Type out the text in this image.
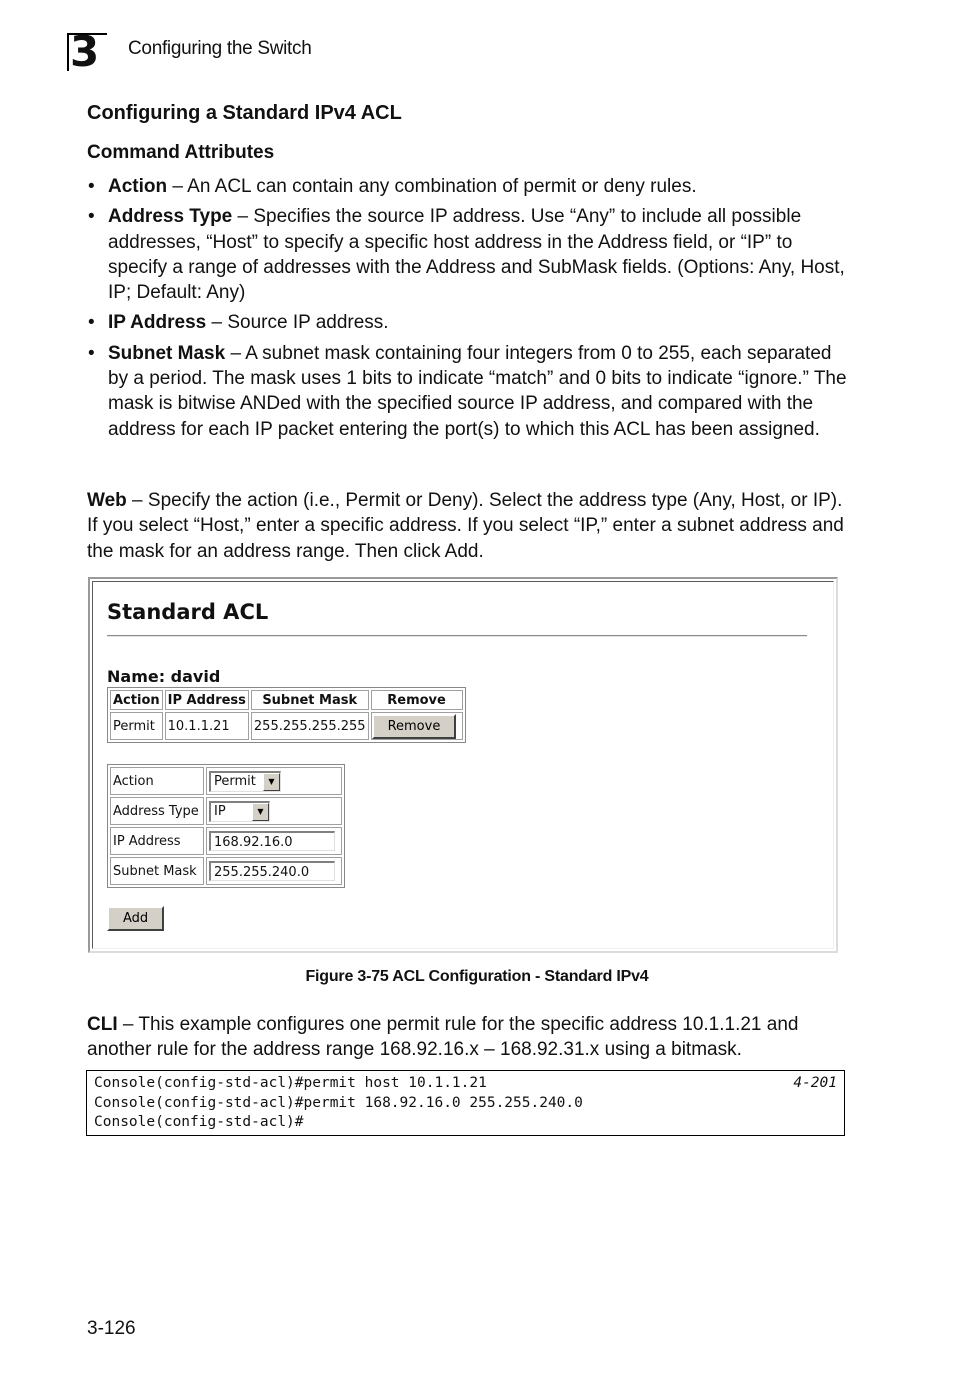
3 Configuring the Switch
Configuring a Standard IPv4 ACL
Command Attributes
• Action – An ACL can contain any combination of permit or deny rules.
• Address Type – Specifies the source IP address. Use “Any” to include all possible addresses, “Host” to specify a specific host address in the Address field, or “IP” to specify a range of addresses with the Address and SubMask fields. (Options: Any, Host, IP; Default: Any)
• IP Address – Source IP address.
• Subnet Mask – A subnet mask containing four integers from 0 to 255, each separated by a period. The mask uses 1 bits to indicate “match” and 0 bits to indicate “ignore.” The mask is bitwise ANDed with the specified source IP address, and compared with the address for each IP packet entering the port(s) to which this ACL has been assigned.

Web – Specify the action (i.e., Permit or Deny). Select the address type (Any, Host, or IP). If you select “Host,” enter a specific address. If you select “IP,” enter a subnet address and the mask for an address range. Then click Add.

Standard ACL
Name: david
Action	IP Address	Subnet Mask	Remove
Permit	10.1.1.21	255.255.255.255	Remove
Action	Permit ▼

Address Type	IP ▼

IP Address	168.92.16.0
Subnet Mask	255.255.240.0
Add
Figure 3-75 ACL Configuration - Standard IPv4

CLI – This example configures one permit rule for the specific address 10.1.1.21 and another rule for the address range 168.92.16.x – 168.92.31.x using a bitmask.

Console(config-std-acl)#permit host 10.1.1.21	4-201
Console(config-std-acl)#permit 168.92.16.0 255.255.240.0
Console(config-std-acl)#
3-126
